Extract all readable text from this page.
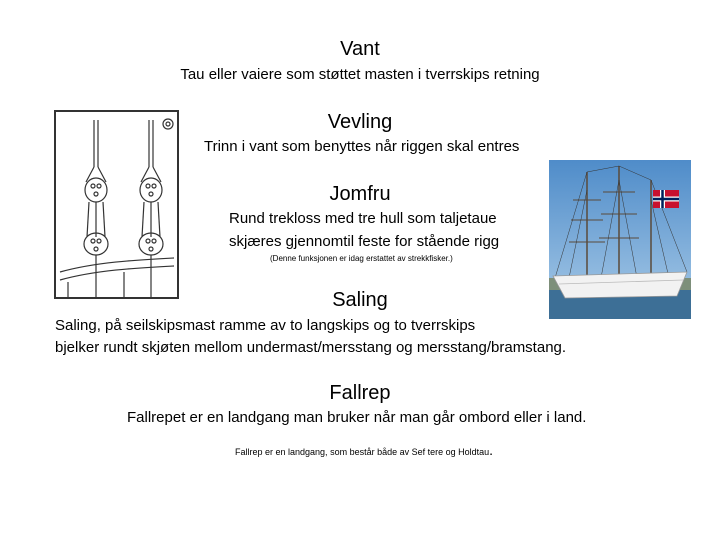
Vant
Tau eller vaiere som støttet masten i tverrskips retning
Vevling
Trinn i vant som benyttes når riggen skal entres
Jomfru
Rund trekloss med tre hull som taljetaue
skjæres gjennomtil feste for stående rigg
(Denne funksjonen er idag erstattet av strekkfisker.)
Saling
Saling, på seilskipsmast ramme av to langskips og to tverrskips
bjelker rundt skjøten mellom undermast/mersstang og mersstang/bramstang.
Fallrep
Fallrepet er en landgang man bruker når man går ombord eller i land.
Fallrep er en landgang, som består både av Sef tere og Holdtau.
